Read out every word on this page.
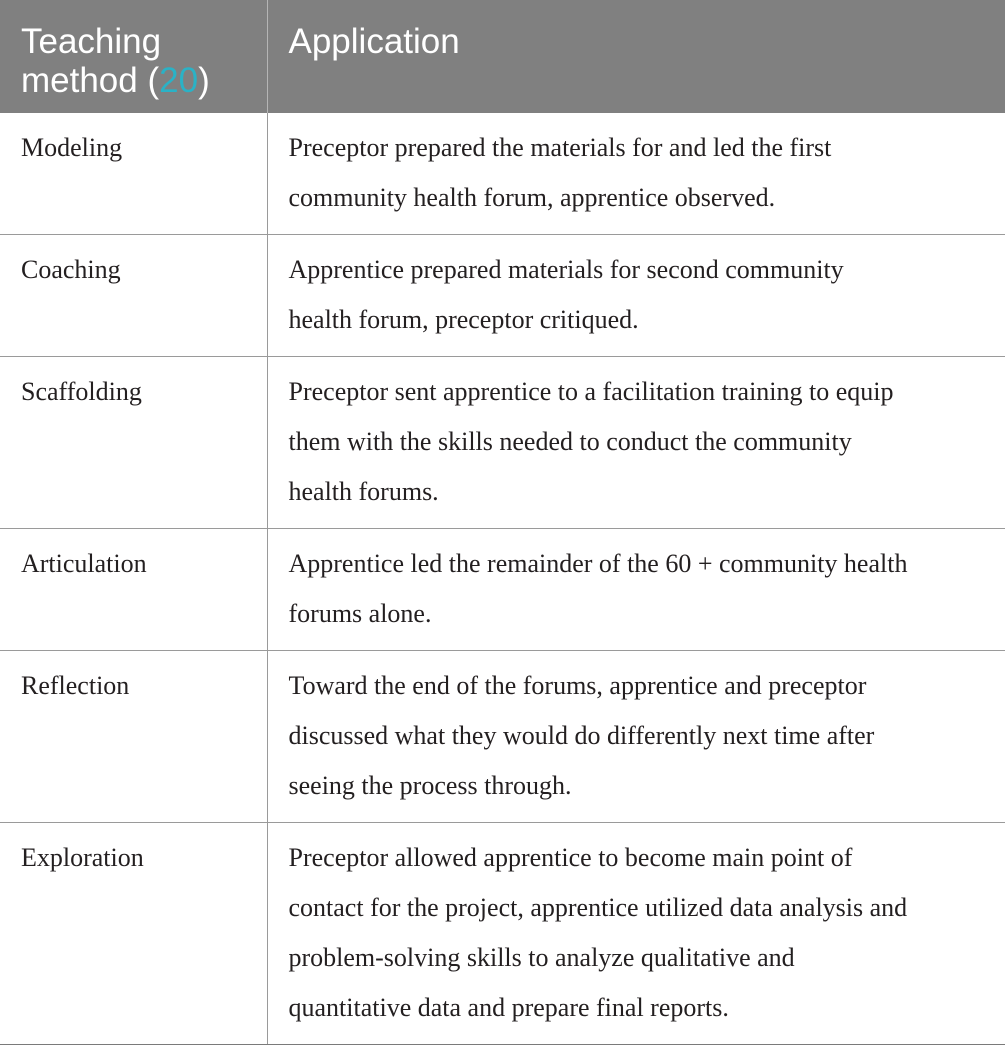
Teaching
method (20)	Application
Modeling	Preceptor prepared the materials for and led the first
community health forum, apprentice observed.

Coaching	Apprentice prepared materials for second community
health forum, preceptor critiqued.

Scaffolding	Preceptor sent apprentice to a facilitation training to equip
them with the skills needed to conduct the community
health forums.

Articulation	Apprentice led the remainder of the 60 + community health
forums alone.

Reflection	Toward the end of the forums, apprentice and preceptor
discussed what they would do differently next time after
seeing the process through.

Exploration	Preceptor allowed apprentice to become main point of
contact for the project, apprentice utilized data analysis and
problem-solving skills to analyze qualitative and
quantitative data and prepare final reports.
